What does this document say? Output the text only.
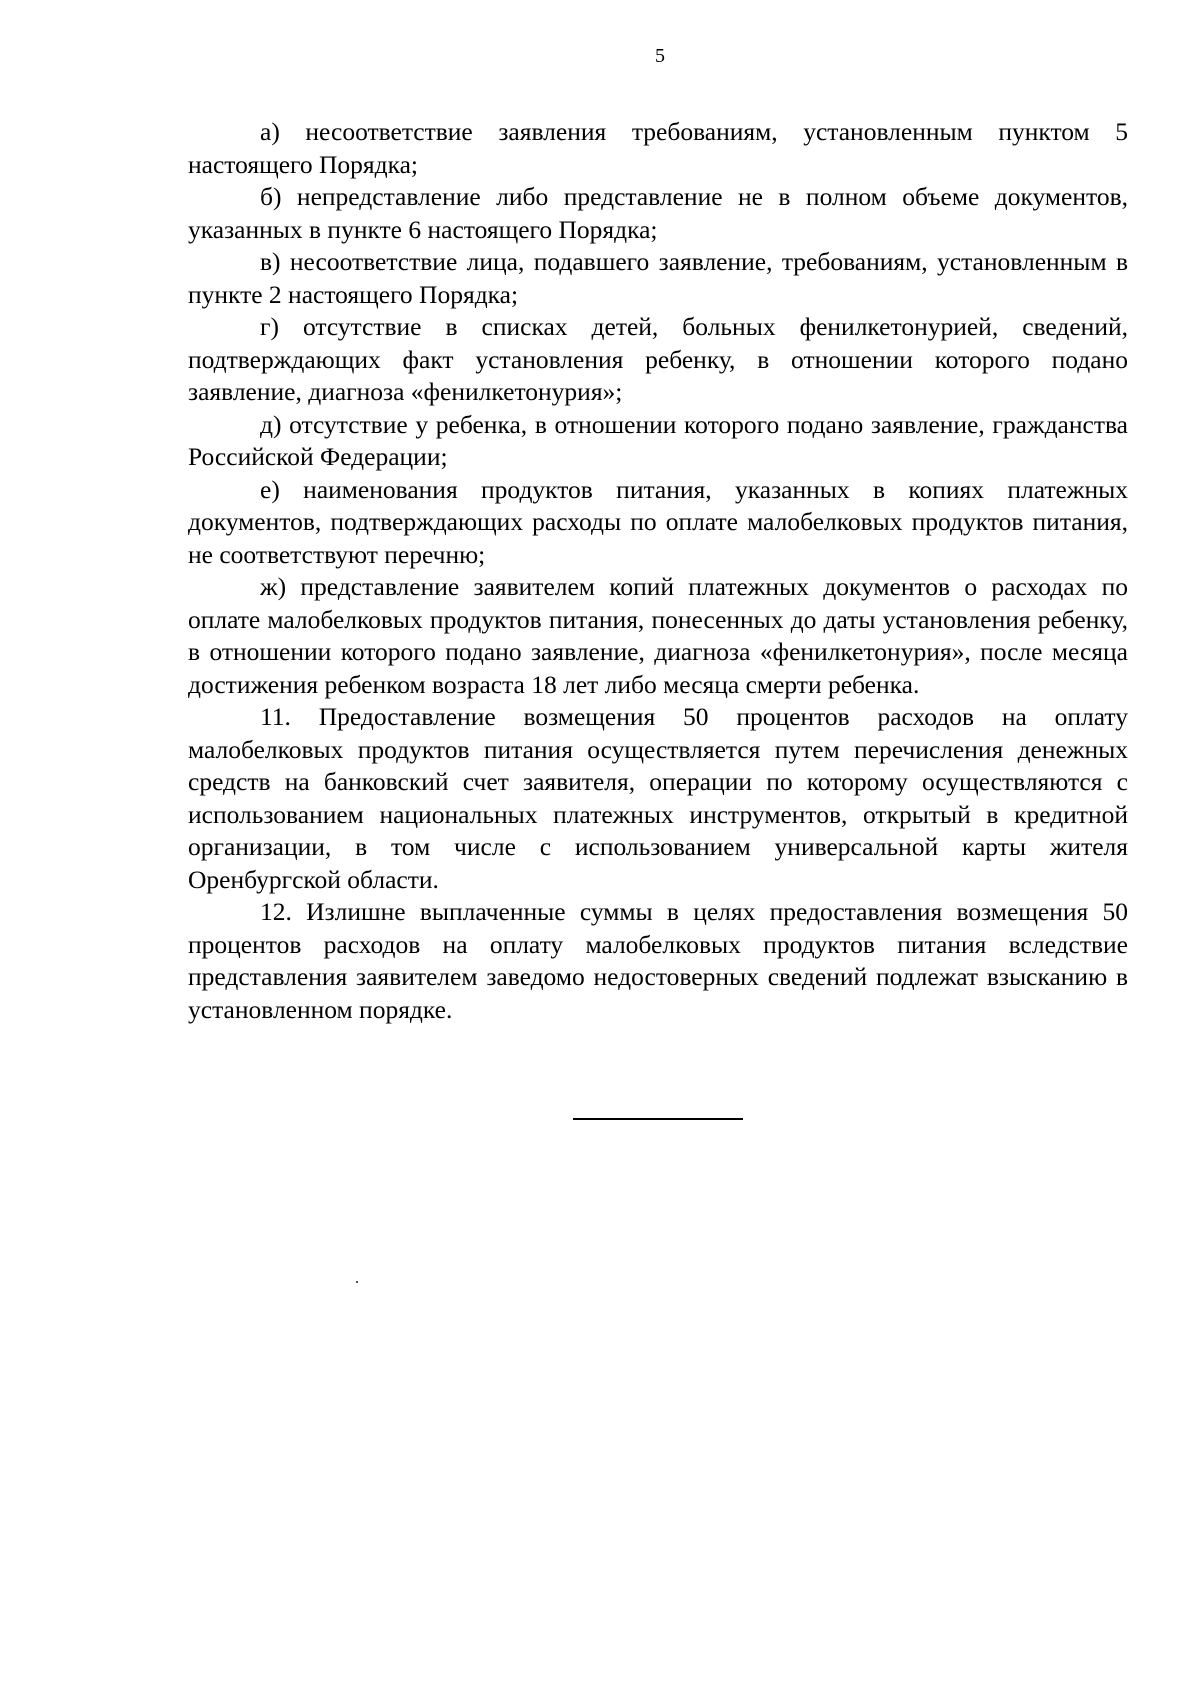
5

а) несоответствие заявления требованиям, установленным пунктом 5 настоящего Порядка;

б) непредставление либо представление не в полном объеме документов, указанных в пункте 6 настоящего Порядка;

в) несоответствие лица, подавшего заявление, требованиям, установленным в пункте 2 настоящего Порядка;

г) отсутствие в списках детей, больных фенилкетонурией, сведений, подтверждающих факт установления ребенку, в отношении которого подано заявление, диагноза «фенилкетонурия»;

д) отсутствие у ребенка, в отношении которого подано заявление, гражданства Российской Федерации;

е) наименования продуктов питания, указанных в копиях платежных документов, подтверждающих расходы по оплате малобелковых продуктов питания, не соответствуют перечню;

ж) представление заявителем копий платежных документов о расходах по оплате малобелковых продуктов питания, понесенных до даты установления ребенку, в отношении которого подано заявление, диагноза «фенилкетонурия», после месяца достижения ребенком возраста 18 лет либо месяца смерти ребенка.

11. Предоставление возмещения 50 процентов расходов на оплату малобелковых продуктов питания осуществляется путем перечисления денежных средств на банковский счет заявителя, операции по которому осуществляются с использованием национальных платежных инструментов, открытый в кредитной организации, в том числе с использованием универсальной карты жителя Оренбургской области.

12. Излишне выплаченные суммы в целях предоставления возмещения 50 процентов расходов на оплату малобелковых продуктов питания вследствие представления заявителем заведомо недостоверных сведений подлежат взысканию в установленном порядке.
